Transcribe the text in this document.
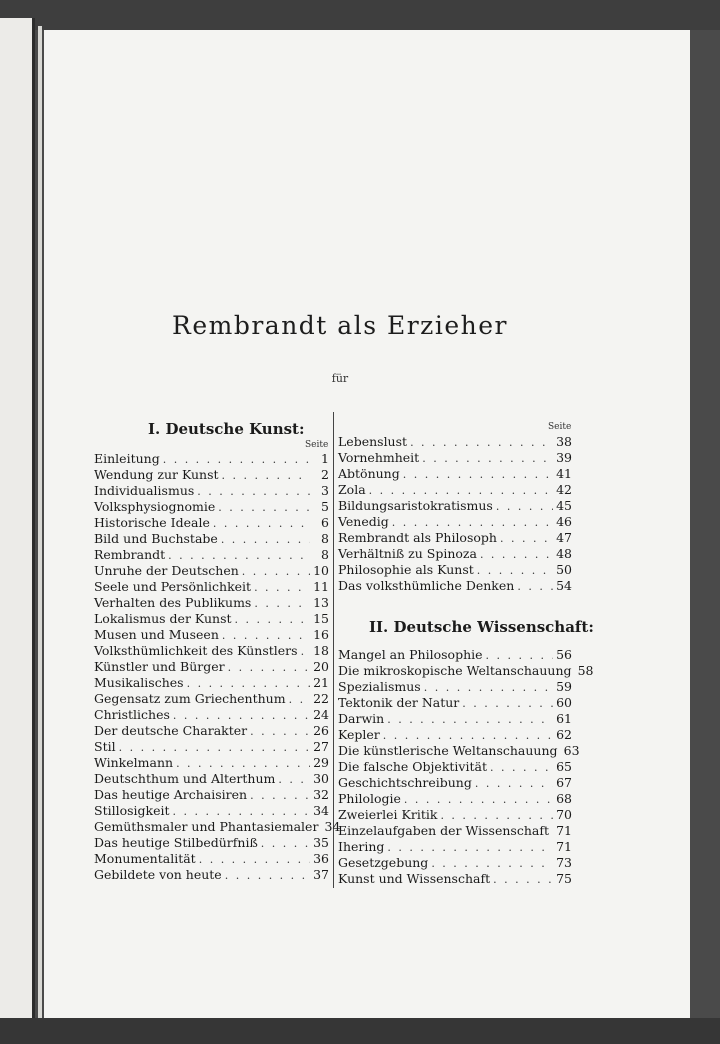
Rembrandt als Erzieher
für
I. Deutsche Kunst:
Seite
Einleitung . . .	1
Wendung zur Kunst . . .	2
Individualismus . . .	3
Volksphysiognomie . . .	5
Historische Ideale . . .	6
Bild und Buchstabe . . .	8
Rembrandt . . .	8
Unruhe der Deutschen . . .	10
Seele und Persönlichkeit . . .	11
Verhalten des Publikums . . .	13
Lokalismus der Kunst . . .	15
Musen und Museen . . .	16
Volksthümlichkeit des Künstlers . . . 18
Künstler und Bürger . . .	20
Musikalisches . . .	21
Gegensatz zum Griechenthum . . . 22
Christliches . . .	24
Der deutsche Charakter . . .	26
Stil . . .	27
Winkelmann . . .	29
Deutschthum und Alterthum . . .	30
Das heutige Archaisiren . . .	32
Stillosigkeit . . .	34
Gemüthsmaler und Phantasiemaler 34
Das heutige Stilbedürfniß . . .	35
Monumentalität . . .	36
Gebildete von heute . . .	37
Seite
Lebenslust . . .	38
Vornehmheit . . .	39
Abtönung . . .	41
Zola . . .	42
Bildungsaristokratismus . . .	45
Venedig . . .	46
Rembrandt als Philosoph . . .	47
Verhältniß zu Spinoza . . .	48
Philosophie als Kunst . . .	50
Das volksthümliche Denken . . .	54
II. Deutsche Wissenschaft:
Mangel an Philosophie . . .	56
Die mikroskopische Weltanschauung 58
Spezialismus . . .	59
Tektonik der Natur . . .	60
Darwin . . .	61
Kepler . . .	62
Die künstlerische Weltanschauung 63
Die falsche Objektivität . . .	65
Geschichtschreibung . . .	67
Philologie . . .	68
Zweierlei Kritik . . .	70
Einzelaufgaben der Wissenschaft . . . 71
Ihering . . .	71
Gesetzgebung . . .	73
Kunst und Wissenschaft . . .	75
